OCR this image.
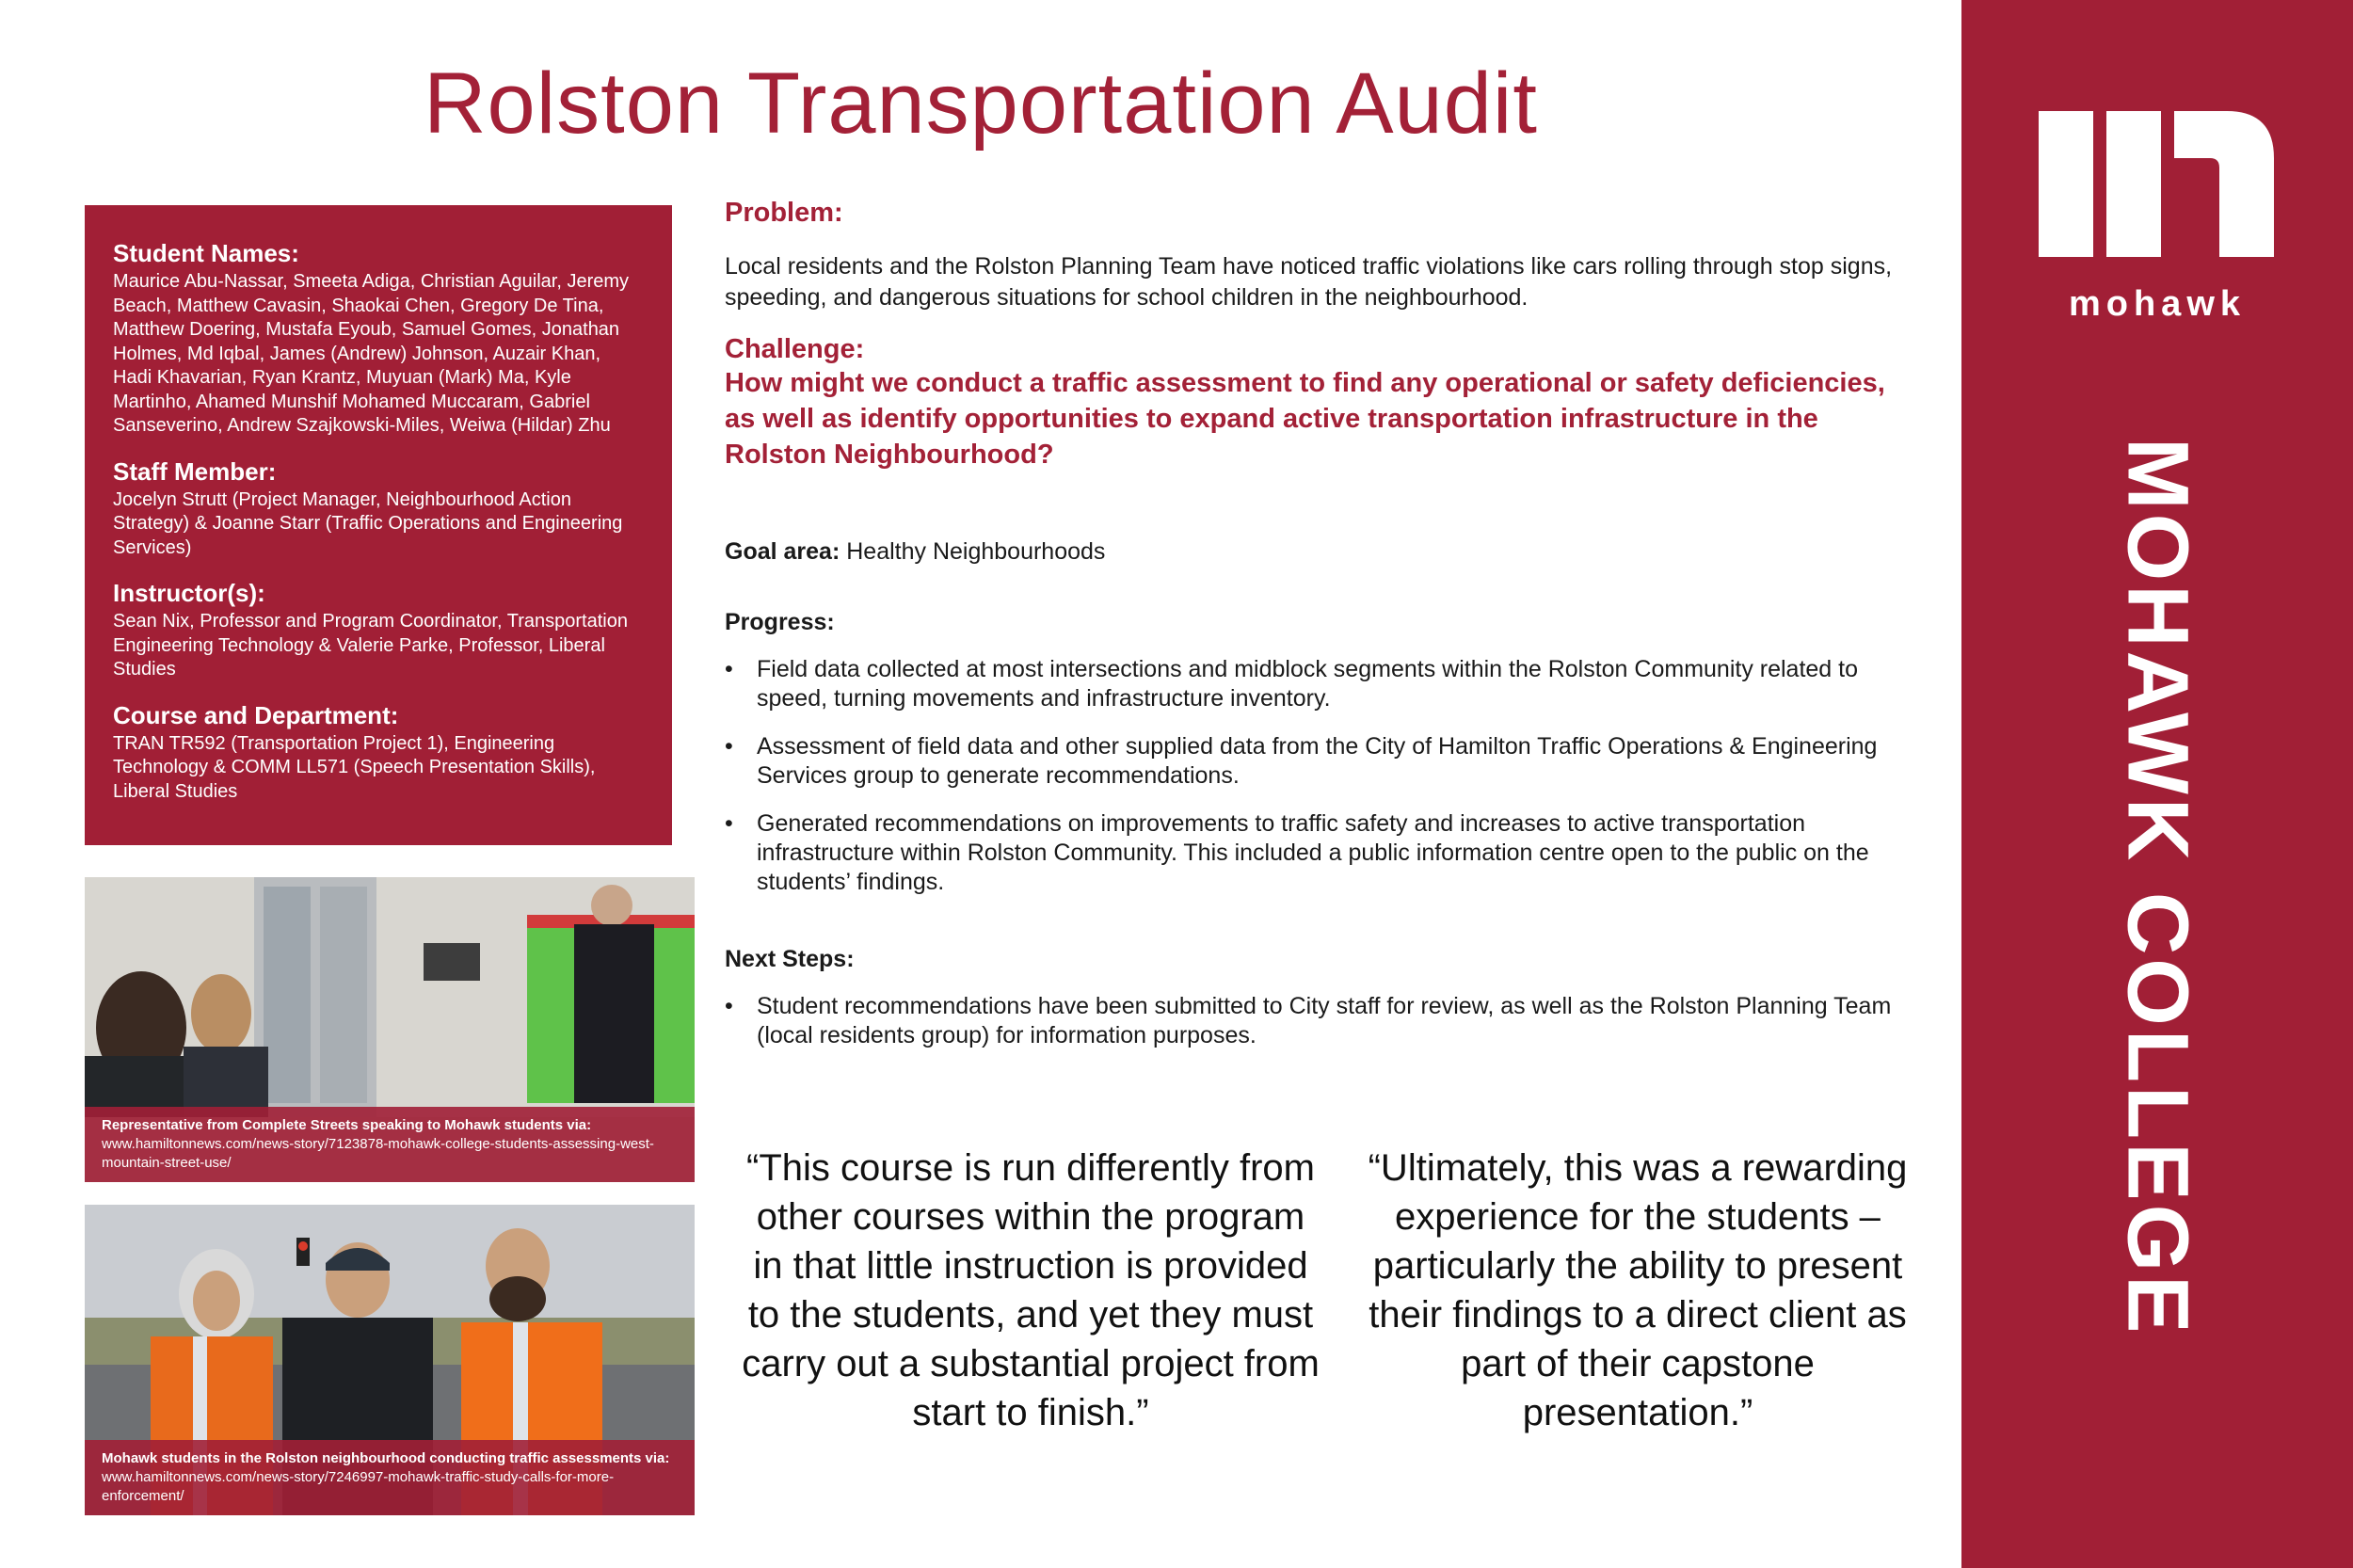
Rolston Transportation Audit
Student Names:

Maurice Abu-Nassar, Smeeta Adiga, Christian Aguilar, Jeremy Beach, Matthew Cavasin, Shaokai Chen, Gregory De Tina, Matthew Doering, Mustafa Eyoub, Samuel Gomes, Jonathan Holmes, Md Iqbal, James (Andrew) Johnson, Auzair Khan, Hadi Khavarian, Ryan Krantz, Muyuan (Mark) Ma, Kyle Martinho, Ahamed Munshif Mohamed Muccaram, Gabriel Sanseverino, Andrew Szajkowski-Miles, Weiwa (Hildar) Zhu

Staff Member:

Jocelyn Strutt (Project Manager, Neighbourhood Action Strategy) & Joanne Starr (Traffic Operations and Engineering Services)

Instructor(s):

Sean Nix, Professor and Program Coordinator, Transportation Engineering Technology & Valerie Parke, Professor, Liberal Studies

Course and Department:

TRAN TR592 (Transportation Project 1), Engineering Technology & COMM LL571 (Speech Presentation Skills), Liberal Studies

Representative from Complete Streets speaking to Mohawk students via:
www.hamiltonnews.com/news-story/7123878-mohawk-college-students-assessing-west-mountain-street-use/
Mohawk students in the Rolston neighbourhood conducting traffic assessments via:
www.hamiltonnews.com/news-story/7246997-mohawk-traffic-study-calls-for-more-enforcement/

Problem:

Local residents and the Rolston Planning Team have noticed traffic violations like cars rolling through stop signs, speeding, and dangerous situations for school children in the neighbourhood.

Challenge:

How might we conduct a traffic assessment to find any operational or safety deficiencies, as well as identify opportunities to expand active transportation infrastructure in the Rolston Neighbourhood?

Goal area: Healthy Neighbourhoods

Progress:

• Field data collected at most intersections and midblock segments within the Rolston Community related to speed, turning movements and infrastructure inventory.
• Assessment of field data and other supplied data from the City of Hamilton Traffic Operations & Engineering Services group to generate recommendations.
• Generated recommendations on improvements to traffic safety and increases to active transportation infrastructure within Rolston Community. This included a public information centre open to the public on the students’ findings.

Next Steps:

• Student recommendations have been submitted to City staff for review, as well as the Rolston Planning Team (local residents group) for information purposes.
“This course is run differently from other courses within the program in that little instruction is provided to the students, and yet they must carry out a substantial project from start to finish.”
“Ultimately, this was a rewarding experience for the students – particularly the ability to present their findings to a direct client as part of their capstone presentation.”
mohawk
MOHAWK COLLEGE
